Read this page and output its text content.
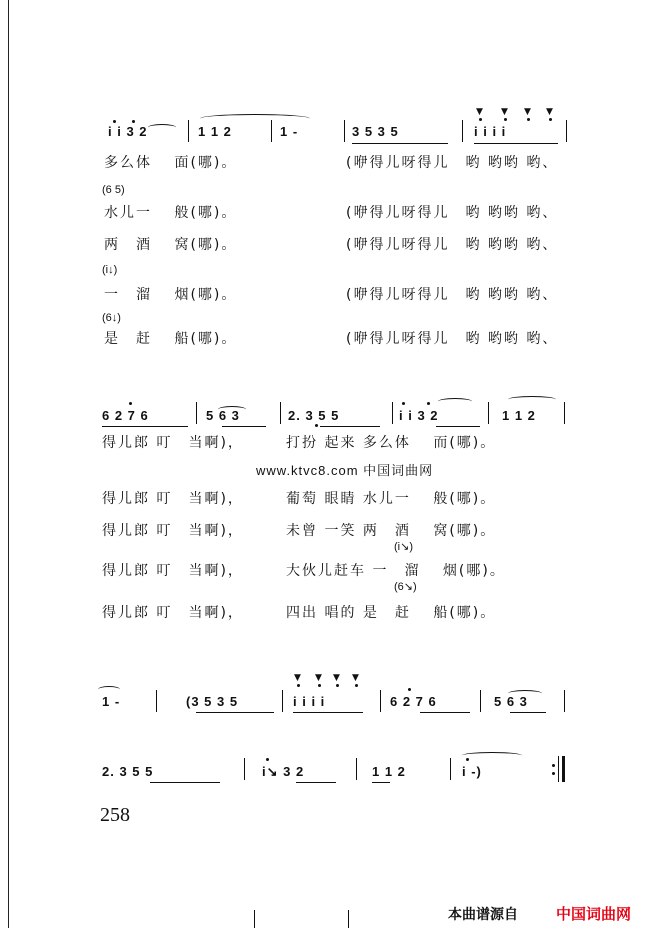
▼ ▼ ▼ ▼
i i 3 2	1 1 2	1 -	3 5 3 5	i i i i
多么体　 面(哪)。	(咿得儿呀得儿　哟 哟哟 哟、
(6 5)
水儿一　 般(哪)。	(咿得儿呀得儿　哟 哟哟 哟、
两　酒　 窝(哪)。	(咿得儿呀得儿　哟 哟哟 哟、
(i↓)
一　溜　 烟(哪)。	(咿得儿呀得儿　哟 哟哟 哟、
(6↓)
是　赶　 船(哪)。	(咿得儿呀得儿　哟 哟哟 哟、
6 2 7 6	5 6 3	2. 3 5 5	i i 3 2	1 1 2
得儿郎 叮　当啊)，	打扮 起来 多么体　 而(哪)。
www.ktvc8.com 中国词曲网
得儿郎 叮　当啊)，	葡萄 眼睛 水儿一　 般(哪)。
得儿郎 叮　当啊)，	未曾 一笑 两　酒　 窝(哪)。
(i↘)
得儿郎 叮　当啊)，	大伙儿赶车 一　溜　 烟(哪)。
(6↘)
得儿郎 叮　当啊)，	四出 唱的 是　赶　 船(哪)。
▼ ▼ ▼ ▼
1 -	(3 5 3 5	i i i i	6 2 7 6	5 6 3
2. 3 5 5	i↘ 3 2	1 1 2	i -)
258
本曲谱源自	中国词曲网
